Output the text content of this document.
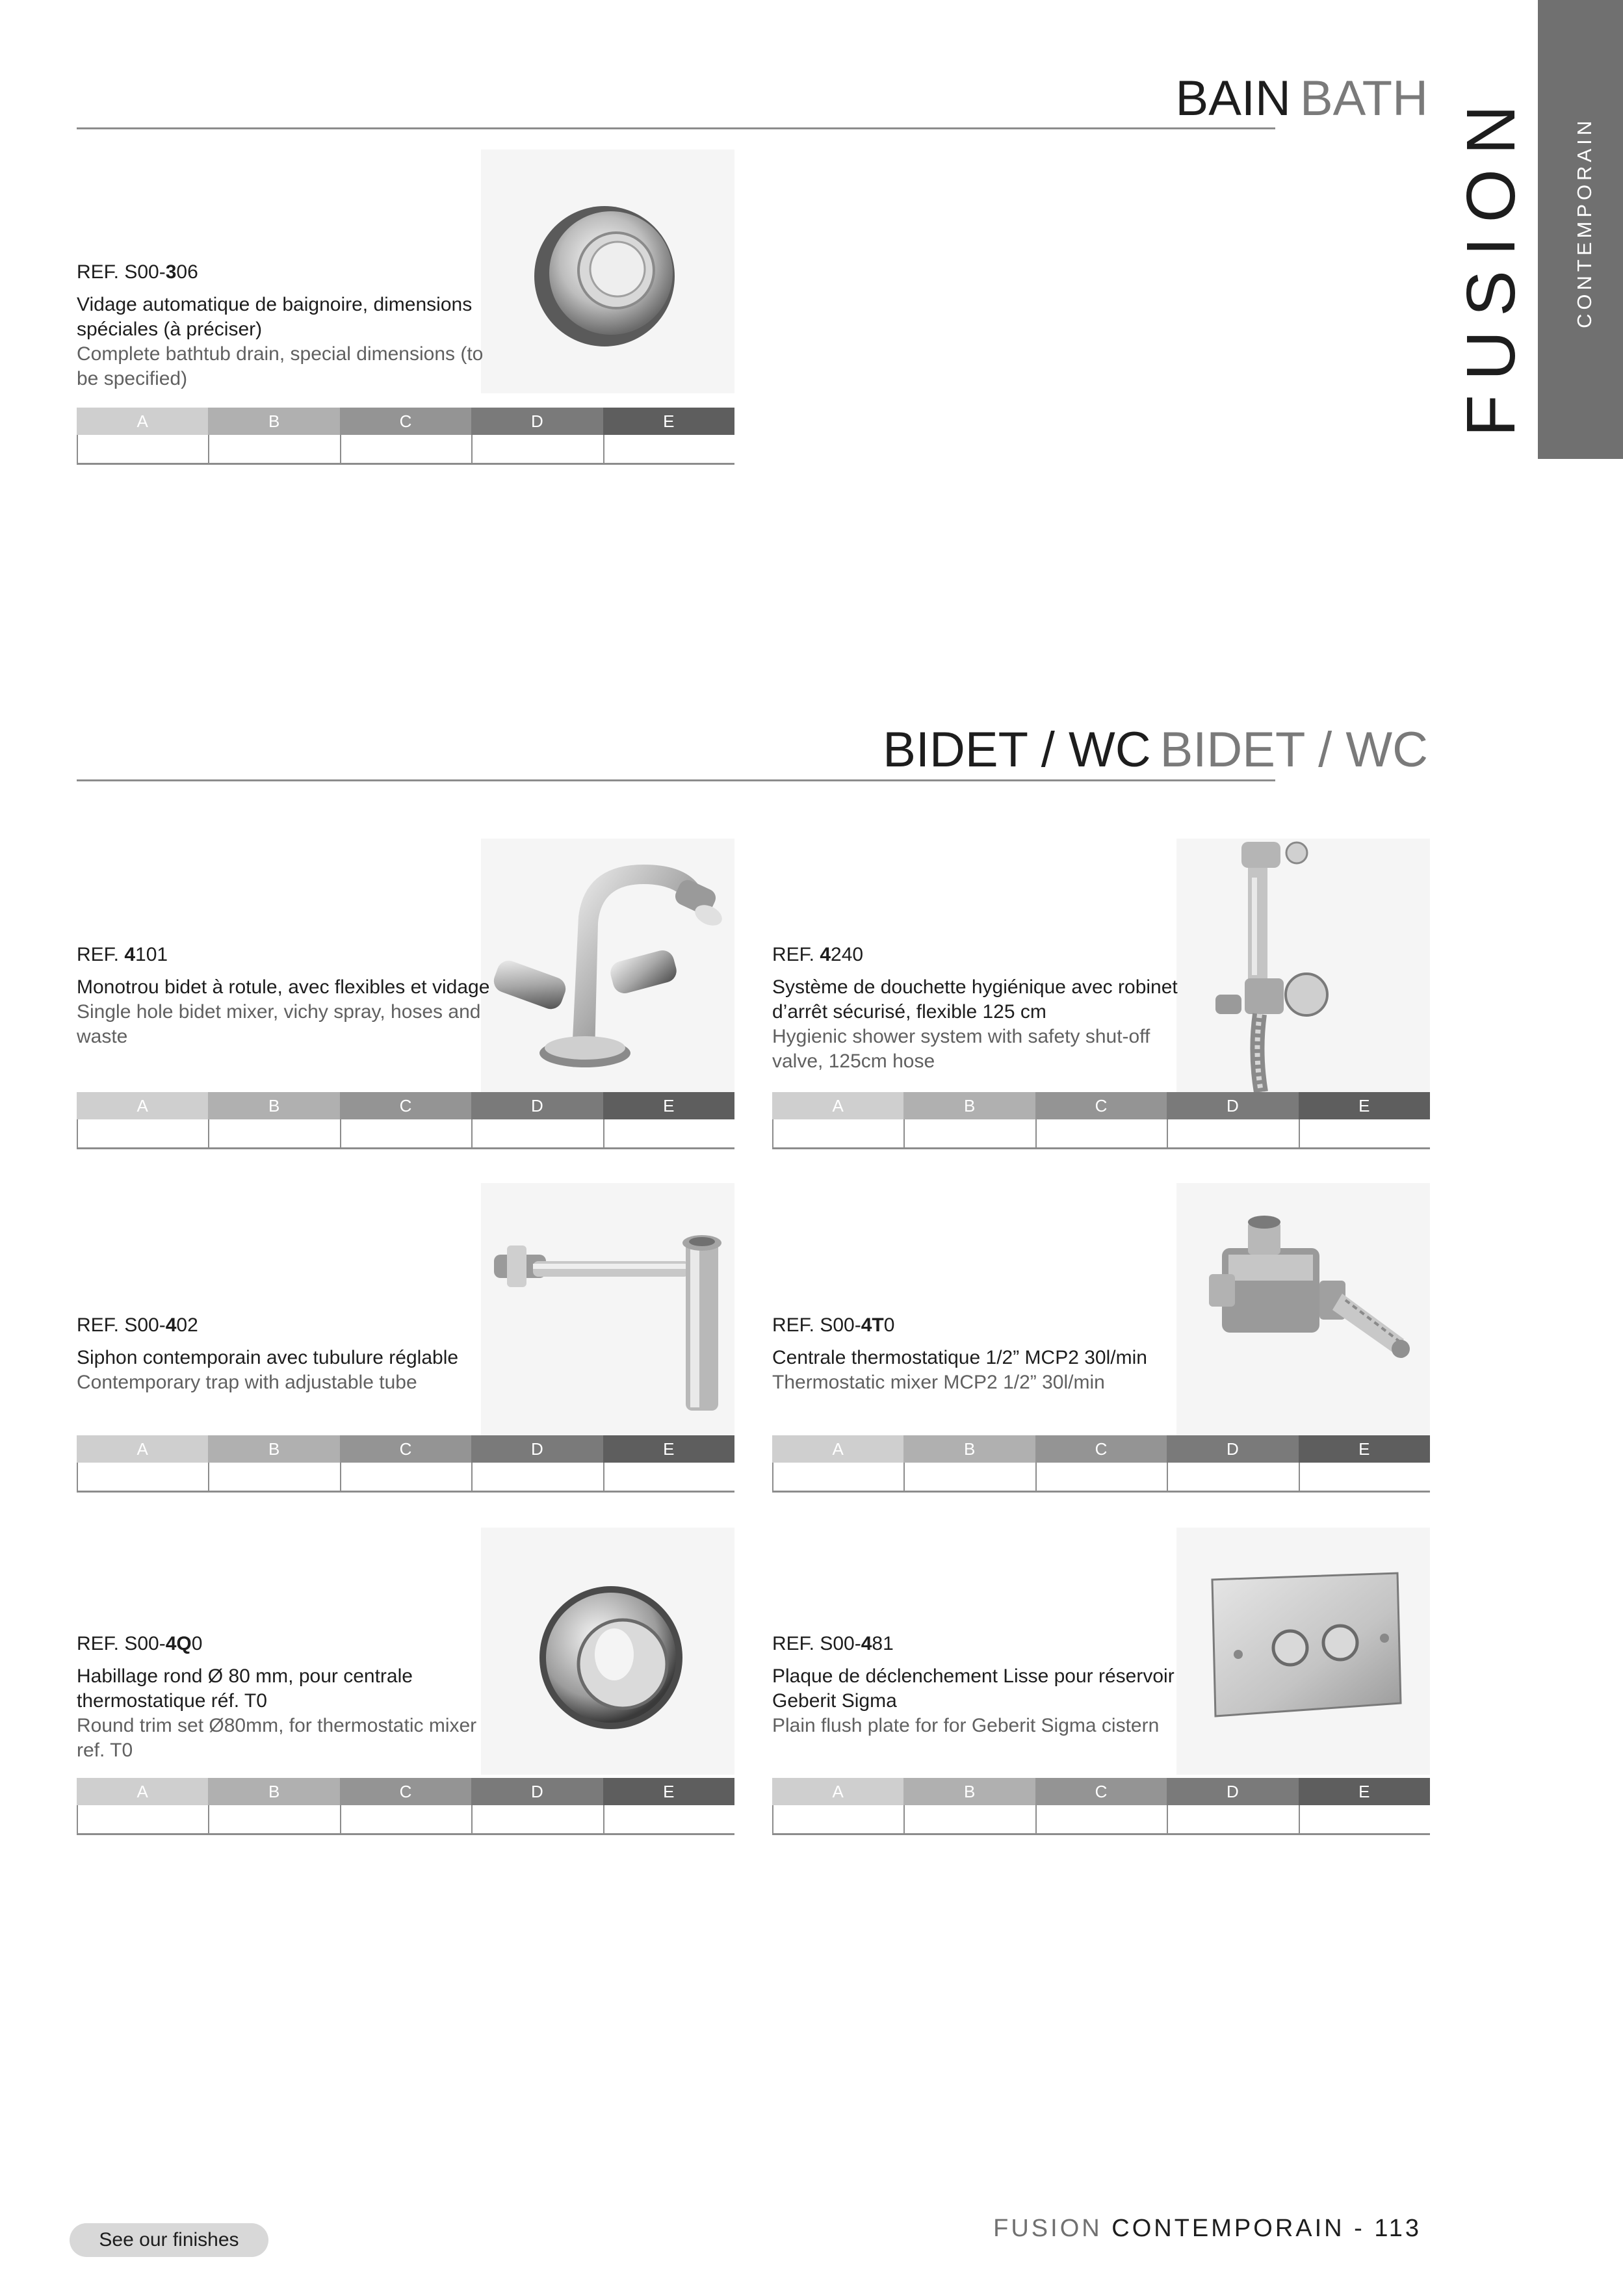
CONTEMPORAIN
FUSION
BAIN BATH
REF. S00-306
Vidage automatique de baignoire, dimensions spéciales (à préciser)
Complete bathtub drain, special dimensions (to be specified)
A	B	C	D	E
BIDET / WC BIDET / WC
REF. 4101
Monotrou bidet à rotule, avec flexibles et vidage
Single hole bidet mixer, vichy spray, hoses and waste
A	B	C	D	E
REF. 4240
Système de douchette hygiénique avec robinet d’arrêt sécurisé, flexible 125 cm
Hygienic shower system with safety shut-off valve, 125cm hose
A	B	C	D	E
REF. S00-402
Siphon contemporain avec tubulure réglable
Contemporary trap with adjustable tube
A	B	C	D	E
REF. S00-4T0
Centrale thermostatique 1/2” MCP2 30l/min
Thermostatic mixer MCP2 1/2” 30l/min
A	B	C	D	E
REF. S00-4Q0
Habillage rond Ø 80 mm, pour centrale thermostatique réf. T0
Round trim set Ø80mm, for thermostatic mixer ref. T0
A	B	C	D	E
REF. S00-481
Plaque de déclenchement Lisse pour réservoir Geberit Sigma
Plain flush plate for for Geberit Sigma cistern
A	B	C	D	E
See our finishes	FUSION CONTEMPORAIN - 113
